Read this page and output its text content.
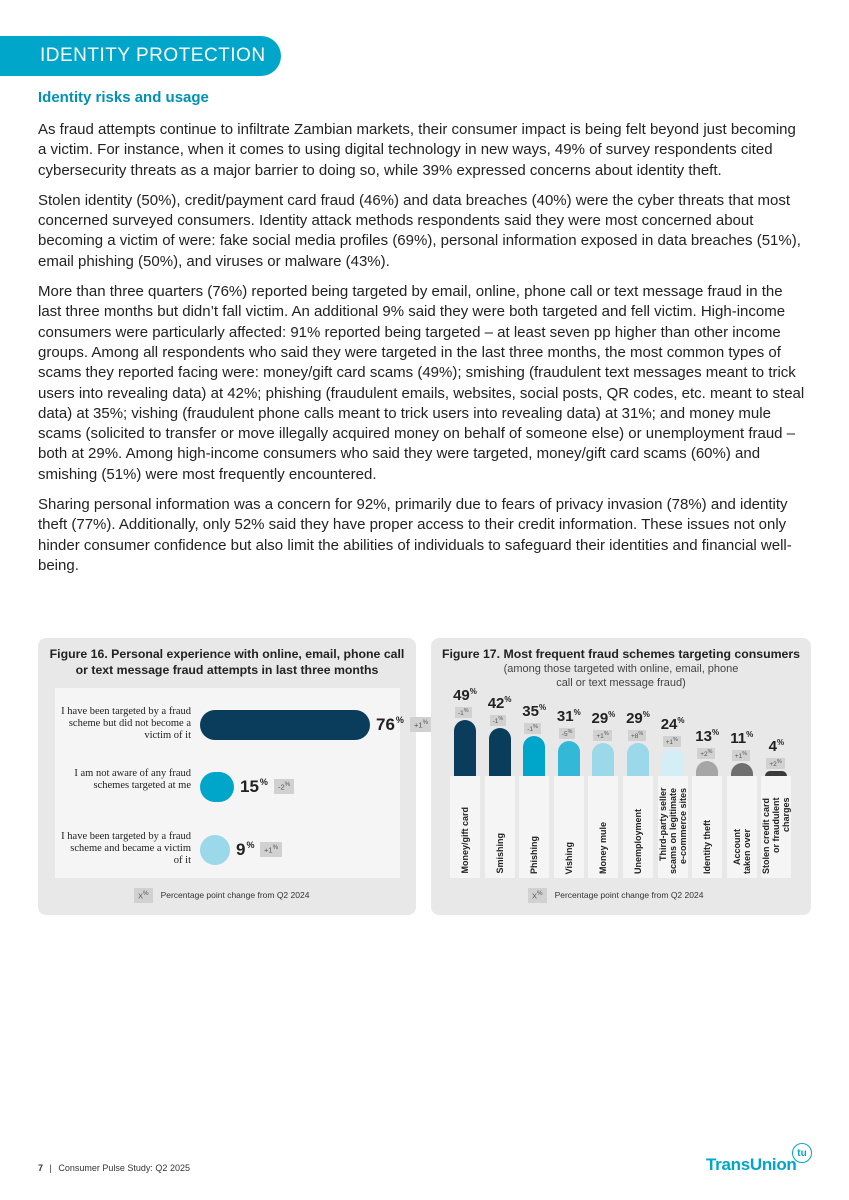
IDENTITY PROTECTION
Identity risks and usage

As fraud attempts continue to infiltrate Zambian markets, their consumer impact is being felt beyond just becoming a victim. For instance, when it comes to using digital technology in new ways, 49% of survey respondents cited cybersecurity threats as a major barrier to doing so, while 39% expressed concerns about identity theft.

Stolen identity (50%), credit/payment card fraud (46%) and data breaches (40%) were the cyber threats that most concerned surveyed consumers. Identity attack methods respondents said they were most concerned about becoming a victim of were: fake social media profiles (69%), personal information exposed in data breaches (51%), email phishing (50%), and viruses or malware (43%).

More than three quarters (76%) reported being targeted by email, online, phone call or text message fraud in the last three months but didn’t fall victim. An additional 9% said they were both targeted and fell victim. High-income consumers were particularly affected: 91% reported being targeted – at least seven pp higher than other income groups. Among all respondents who said they were targeted in the last three months, the most common types of scams they reported facing were: money/gift card scams (49%); smishing (fraudulent text messages meant to trick users into revealing data) at 42%; phishing (fraudulent emails, websites, social posts, QR codes, etc. meant to steal data) at 35%; vishing (fraudulent phone calls meant to trick users into revealing data) at 31%; and money mule scams (solicited to transfer or move illegally acquired money on behalf of someone else) or unemployment fraud – both at 29%. Among high-income consumers who said they were targeted, money/gift card scams (60%) and smishing (51%) were most frequently encountered.

Sharing personal information was a concern for 92%, primarily due to fears of privacy invasion (78%) and identity theft (77%). Additionally, only 52% said they have proper access to their credit information. These issues not only hinder consumer confidence but also limit the abilities of individuals to safeguard their identities and financial well-being.

Figure 16. Personal experience with online, email, phone call or text message fraud attempts in last three months
I have been targeted by a fraud scheme but did not become a victim of it
76%	+1%
I am not aware of any fraud schemes targeted at me	15%	-2%
I have been targeted by a fraud scheme and became a victim of it
9%	+1%
X%	Percentage point change from Q2 2024
Figure 17. Most frequent fraud schemes targeting consumers
(among those targeted with online, email, phone call or text message fraud)
-1%
49%
Money/gift card
-1%
42%
Smishing
-1%
35%
Phishing
-5%
31%
Vishing
+1%
29%
Money mule
+8%
29%
Unemployment
+1%
24%
Third-party seller
scams on legitimate
e-commerce sites
+2%
13%
Identity theft
+1%
11%
Account
taken over
+2%
4%
Stolen credit card
or fraudulent
charges
X%	Percentage point change from Q2 2024
7 | Consumer Pulse Study: Q2 2025	TransUnion
tu
